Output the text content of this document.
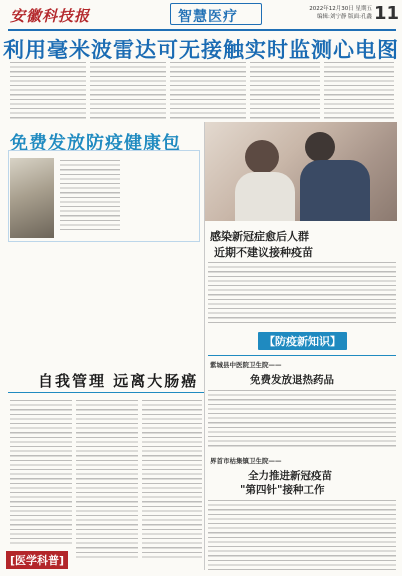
安徽科技报	智慧医疗	2022年12月30日 星期五
编辑:刘宁静 版面:孔鑫 11
利用毫米波雷达可无接触实时监测心电图
免费发放防疫健康包
感染新冠症愈后人群
近期不建议接种疫苗
【防疫新知识】
紫城县中医院卫生院——
免费发放退热药品
自我管理 远离大肠癌
界首市枯集镇卫生院——
全力推进新冠疫苗
"第四针"接种工作
[医学科普]
